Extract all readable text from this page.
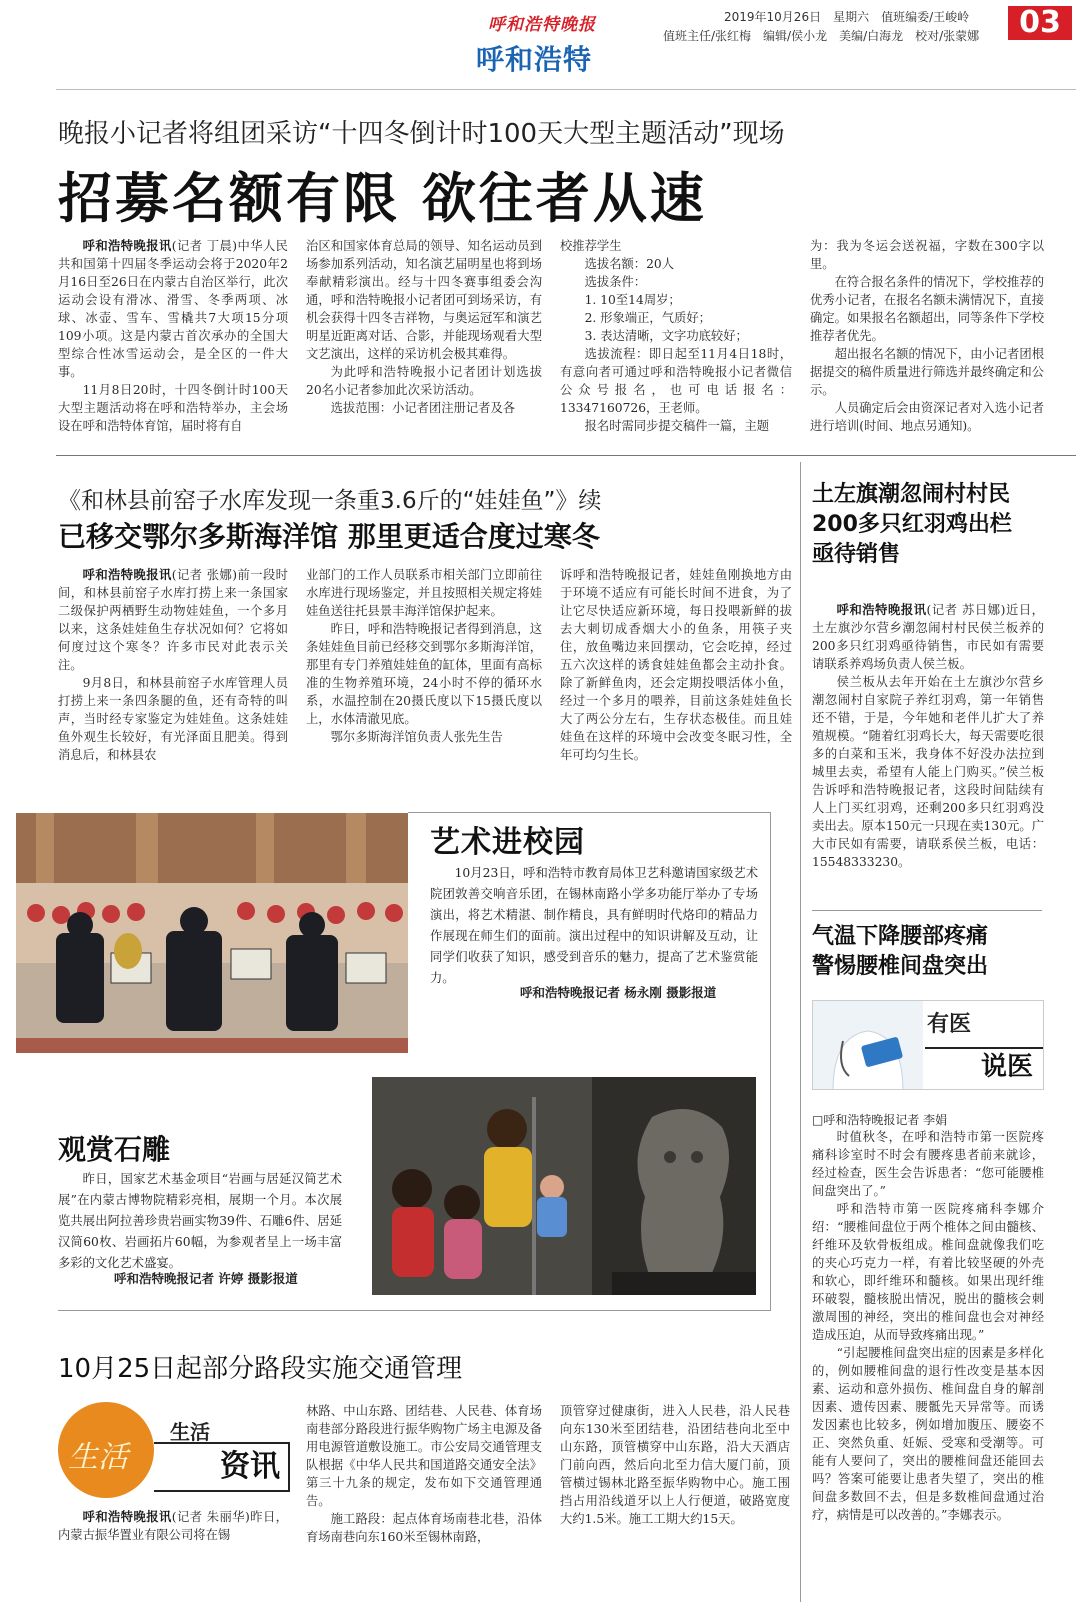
呼和浩特晚报
呼和浩特
2019年10月26日　星期六　值班编委/王峻岭
值班主任/张红梅　编辑/侯小龙　美编/白海龙　校对/张蒙娜	03
晚报小记者将组团采访“十四冬倒计时100天大型主题活动”现场
招募名额有限 欲往者从速

呼和浩特晚报讯(记者 丁晨)中华人民共和国第十四届冬季运动会将于2020年2月16日至26日在内蒙古自治区举行，此次运动会设有滑冰、滑雪、冬季两项、冰球、冰壶、雪车、雪橇共7大项15分项109小项。这是内蒙古首次承办的全国大型综合性冰雪运动会，是全区的一件大事。

11月8日20时，十四冬倒计时100天大型主题活动将在呼和浩特举办，主会场设在呼和浩特体育馆，届时将有自

治区和国家体育总局的领导、知名运动员到场参加系列活动，知名演艺届明星也将到场奉献精彩演出。经与十四冬赛事组委会沟通，呼和浩特晚报小记者团可到场采访，有机会获得十四冬吉祥物，与奥运冠军和演艺明星近距离对话、合影，并能现场观看大型文艺演出，这样的采访机会极其难得。

为此呼和浩特晚报小记者团计划选拔20名小记者参加此次采访活动。

选拔范围：小记者团注册记者及各

校推荐学生

选拔名额：20人

选拔条件：

1. 10至14周岁；

2. 形象端正，气质好；

3. 表达清晰，文字功底较好；

选拔流程：即日起至11月4日18时，有意向者可通过呼和浩特晚报小记者微信公众号报名，也可电话报名：13347160726，王老师。

报名时需同步提交稿件一篇，主题

为：我为冬运会送祝福，字数在300字以里。

在符合报名条件的情况下，学校推荐的优秀小记者，在报名名额未满情况下，直接确定。如果报名名额超出，同等条件下学校推荐者优先。

超出报名名额的情况下，由小记者团根据提交的稿件质量进行筛选并最终确定和公示。

人员确定后会由资深记者对入选小记者进行培训(时间、地点另通知)。

《和林县前窑子水库发现一条重3.6斤的“娃娃鱼”》续
已移交鄂尔多斯海洋馆 那里更适合度过寒冬

呼和浩特晚报讯(记者 张娜)前一段时间，和林县前窑子水库打捞上来一条国家二级保护两栖野生动物娃娃鱼，一个多月以来，这条娃娃鱼生存状况如何？它将如何度过这个寒冬？许多市民对此表示关注。

9月8日，和林县前窑子水库管理人员打捞上来一条四条腿的鱼，还有奇特的叫声，当时经专家鉴定为娃娃鱼。这条娃娃鱼外观生长较好，有光泽面且肥美。得到消息后，和林县农

业部门的工作人员联系市相关部门立即前往水库进行现场鉴定，并且按照相关规定将娃娃鱼送往托县景丰海洋馆保护起来。

昨日，呼和浩特晚报记者得到消息，这条娃娃鱼目前已经移交到鄂尔多斯海洋馆，那里有专门养殖娃娃鱼的缸体，里面有高标准的生物养殖环境，24小时不停的循环水系，水温控制在20摄氏度以下15摄氏度以上，水体清澈见底。

鄂尔多斯海洋馆负责人张先生告

诉呼和浩特晚报记者，娃娃鱼刚换地方由于环境不适应有可能长时间不进食，为了让它尽快适应新环境，每日投喂新鲜的拔去大刺切成香烟大小的鱼条，用筷子夹住，放鱼嘴边来回摆动，它会吃掉，经过五六次这样的诱食娃娃鱼都会主动扑食。除了新鲜鱼肉，还会定期投喂活体小鱼，经过一个多月的喂养，目前这条娃娃鱼长大了两公分左右，生存状态极佳。而且娃娃鱼在这样的环境中会改变冬眠习性，全年可均匀生长。

土左旗潮忽闹村村民
200多只红羽鸡出栏
亟待销售

呼和浩特晚报讯(记者 苏日娜)近日，土左旗沙尔营乡潮忽闹村村民侯兰板养的200多只红羽鸡亟待销售，市民如有需要请联系养鸡场负责人侯兰板。

侯兰板从去年开始在土左旗沙尔营乡潮忽闹村自家院子养红羽鸡，第一年销售还不错，于是，今年她和老伴儿扩大了养殖规模。“随着红羽鸡长大，每天需要吃很多的白菜和玉米，我身体不好没办法拉到城里去卖，希望有人能上门购买。”侯兰板告诉呼和浩特晚报记者，这段时间陆续有人上门买红羽鸡，还剩200多只红羽鸡没卖出去。原本150元一只现在卖130元。广大市民如有需要，请联系侯兰板，电话：15548333230。

艺术进校园
10月23日，呼和浩特市教育局体卫艺科邀请国家级艺术院团敦善交响音乐团，在锡林南路小学多功能厅举办了专场演出，将艺术精湛、制作精良，具有鲜明时代烙印的精品力作展现在师生们的面前。演出过程中的知识讲解及互动，让同学们收获了知识，感受到音乐的魅力，提高了艺术鉴赏能力。
呼和浩特晚报记者 杨永刚 摄影报道
观赏石雕
昨日，国家艺术基金项目“岩画与居延汉简艺术展”在内蒙古博物院精彩亮相，展期一个月。本次展览共展出阿拉善珍贵岩画实物39件、石雕6件、居延汉简60枚、岩画拓片60幅，为参观者呈上一场丰富多彩的文化艺术盛宴。
呼和浩特晚报记者 许婷 摄影报道
气温下降腰部疼痛
警惕腰椎间盘突出
有医
说医
□呼和浩特晚报记者 李娟

时值秋冬，在呼和浩特市第一医院疼痛科诊室时不时会有腰疼患者前来就诊，经过检查，医生会告诉患者：“您可能腰椎间盘突出了。”

呼和浩特市第一医院疼痛科李娜介绍：“腰椎间盘位于两个椎体之间由髓核、纤维环及软骨板组成。椎间盘就像我们吃的夹心巧克力一样，有着比较坚硬的外壳和软心，即纤维环和髓核。如果出现纤维环破裂，髓核脱出情况，脱出的髓核会刺激周围的神经，突出的椎间盘也会对神经造成压迫，从而导致疼痛出现。”

“引起腰椎间盘突出症的因素是多样化的，例如腰椎间盘的退行性改变是基本因素、运动和意外损伤、椎间盘自身的解剖因素、遗传因素、腰骶先天异常等。而诱发因素也比较多，例如增加腹压、腰姿不正、突然负重、妊娠、受寒和受潮等。可能有人要问了，突出的腰椎间盘还能回去吗？答案可能要让患者失望了，突出的椎间盘多数回不去，但是多数椎间盘通过治疗，病情是可以改善的。”李娜表示。

10月25日起部分路段实施交通管理
生活
生活
资讯

呼和浩特晚报讯(记者 朱丽华)昨日，内蒙古振华置业有限公司将在锡

林路、中山东路、团结巷、人民巷、体育场南巷部分路段进行振华购物广场主电源及备用电源管道敷设施工。市公安局交通管理支队根据《中华人民共和国道路交通安全法》第三十九条的规定，发布如下交通管理通告。

施工路段：起点体育场南巷北巷，沿体育场南巷向东160米至锡林南路，

顶管穿过健康街，进入人民巷，沿人民巷向东130米至团结巷，沿团结巷向北至中山东路，顶管横穿中山东路，沿大天酒店门前向西，然后向北至力信大厦门前，顶管横过锡林北路至振华购物中心。施工围挡占用沿线道牙以上人行便道，破路宽度大约1.5米。施工工期大约15天。
